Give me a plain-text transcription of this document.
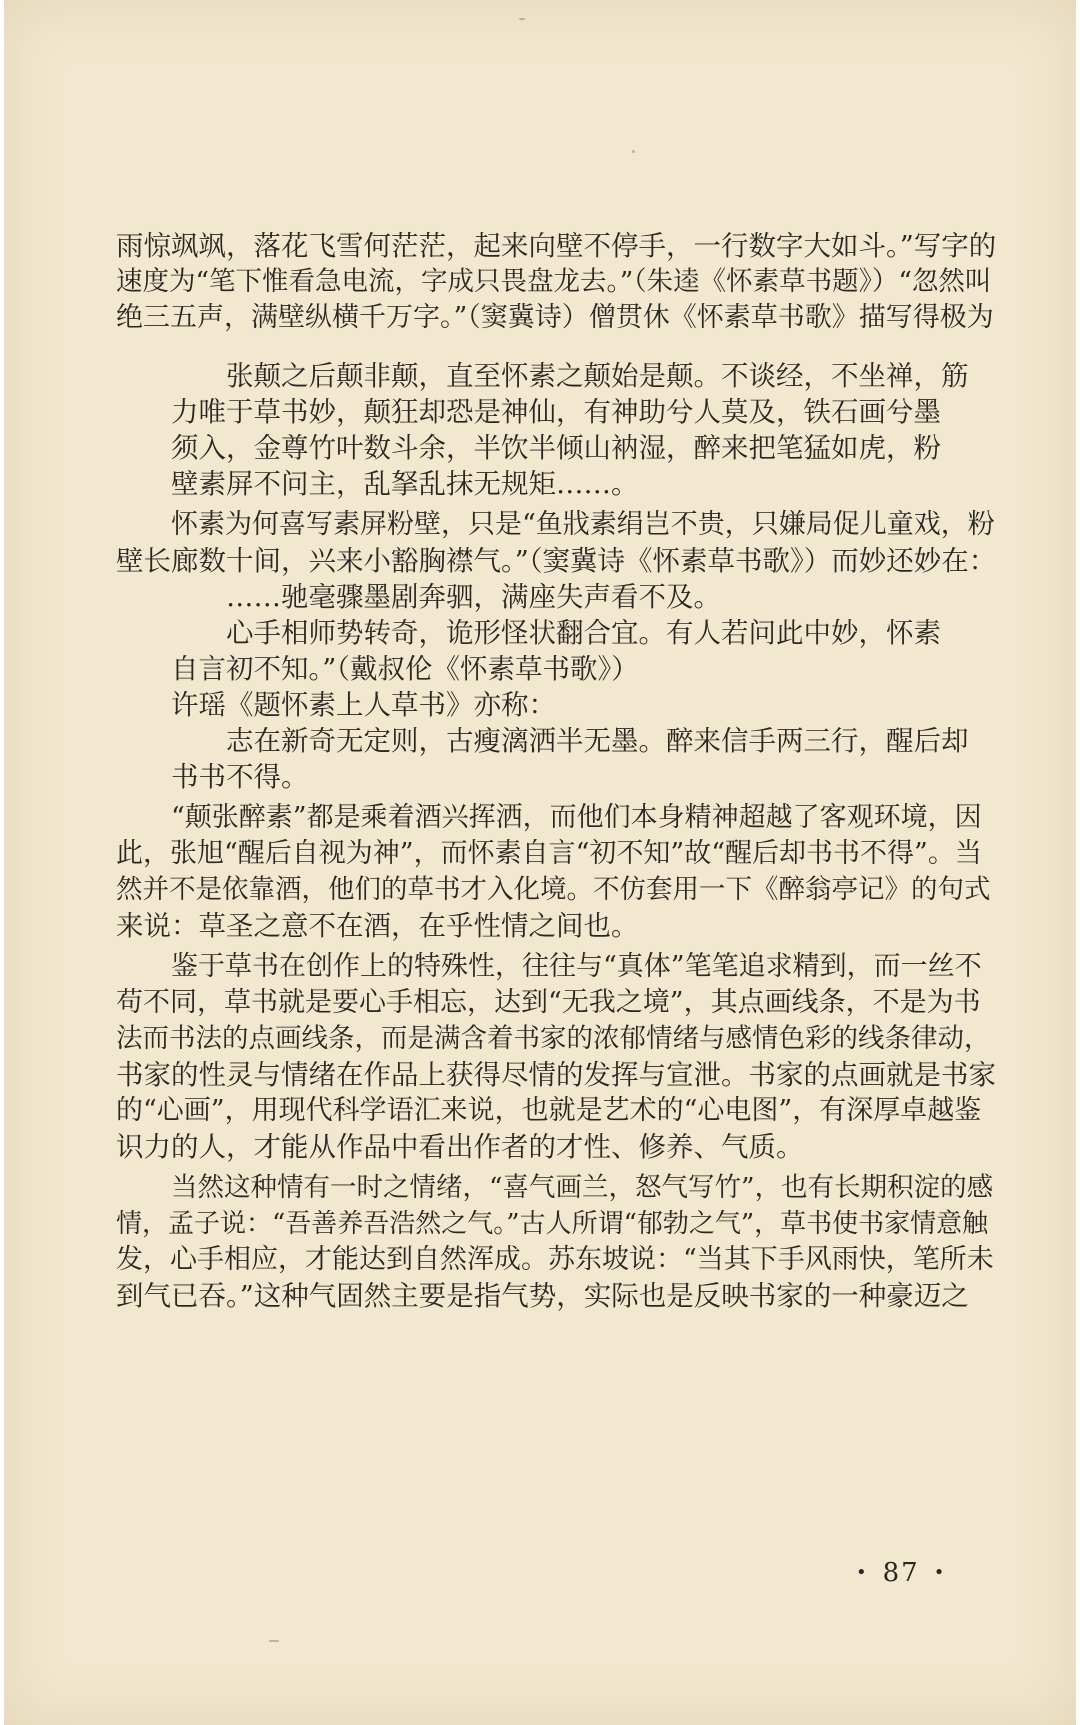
雨惊飒飒，落花飞雪何茫茫，起来向壁不停手，一行数字大如斗。”写字的
速度为“笔下惟看急电流，字成只畏盘龙去。”（朱逵《怀素草书题》）“忽然叫
绝三五声，满壁纵横千万字。”（窦冀诗）僧贯休《怀素草书歌》描写得极为
张颠之后颠非颠，直至怀素之颠始是颠。不谈经，不坐禅，筋
力唯于草书妙，颠狂却恐是神仙，有神助兮人莫及，铁石画兮墨
须入，金尊竹叶数斗余，半饮半倾山衲湿，醉来把笔猛如虎，粉
壁素屏不问主，乱拏乱抹无规矩……。
怀素为何喜写素屏粉壁，只是“鱼戕素绢岂不贵，只嫌局促儿童戏，粉
壁长廊数十间，兴来小豁胸襟气。”（窦冀诗《怀素草书歌》）而妙还妙在：
……驰毫骤墨剧奔驷，满座失声看不及。
心手相师势转奇，诡形怪状翻合宜。有人若问此中妙，怀素
自言初不知。”（戴叔伦《怀素草书歌》）
许瑶《题怀素上人草书》亦称：
志在新奇无定则，古瘦漓洒半无墨。醉来信手两三行，醒后却
书书不得。
“颠张醉素”都是乘着酒兴挥洒，而他们本身精神超越了客观环境，因
此，张旭“醒后自视为神”，而怀素自言“初不知”故“醒后却书书不得”。当
然并不是依靠酒，他们的草书才入化境。不仿套用一下《醉翁亭记》的句式
来说：草圣之意不在酒，在乎性情之间也。
鉴于草书在创作上的特殊性，往往与“真体”笔笔追求精到，而一丝不
苟不同，草书就是要心手相忘，达到“无我之境”，其点画线条，不是为书
法而书法的点画线条，而是满含着书家的浓郁情绪与感情色彩的线条律动，
书家的性灵与情绪在作品上获得尽情的发挥与宣泄。书家的点画就是书家
的“心画”，用现代科学语汇来说，也就是艺术的“心电图”，有深厚卓越鉴
识力的人，才能从作品中看出作者的才性、修养、气质。
当然这种情有一时之情绪，“喜气画兰，怒气写竹”，也有长期积淀的感
情，孟子说：“吾善养吾浩然之气。”古人所谓“郁勃之气”，草书使书家情意触
发，心手相应，才能达到自然浑成。苏东坡说：“当其下手风雨快，笔所未
到气已吞。”这种气固然主要是指气势，实际也是反映书家的一种豪迈之
• 87 •
